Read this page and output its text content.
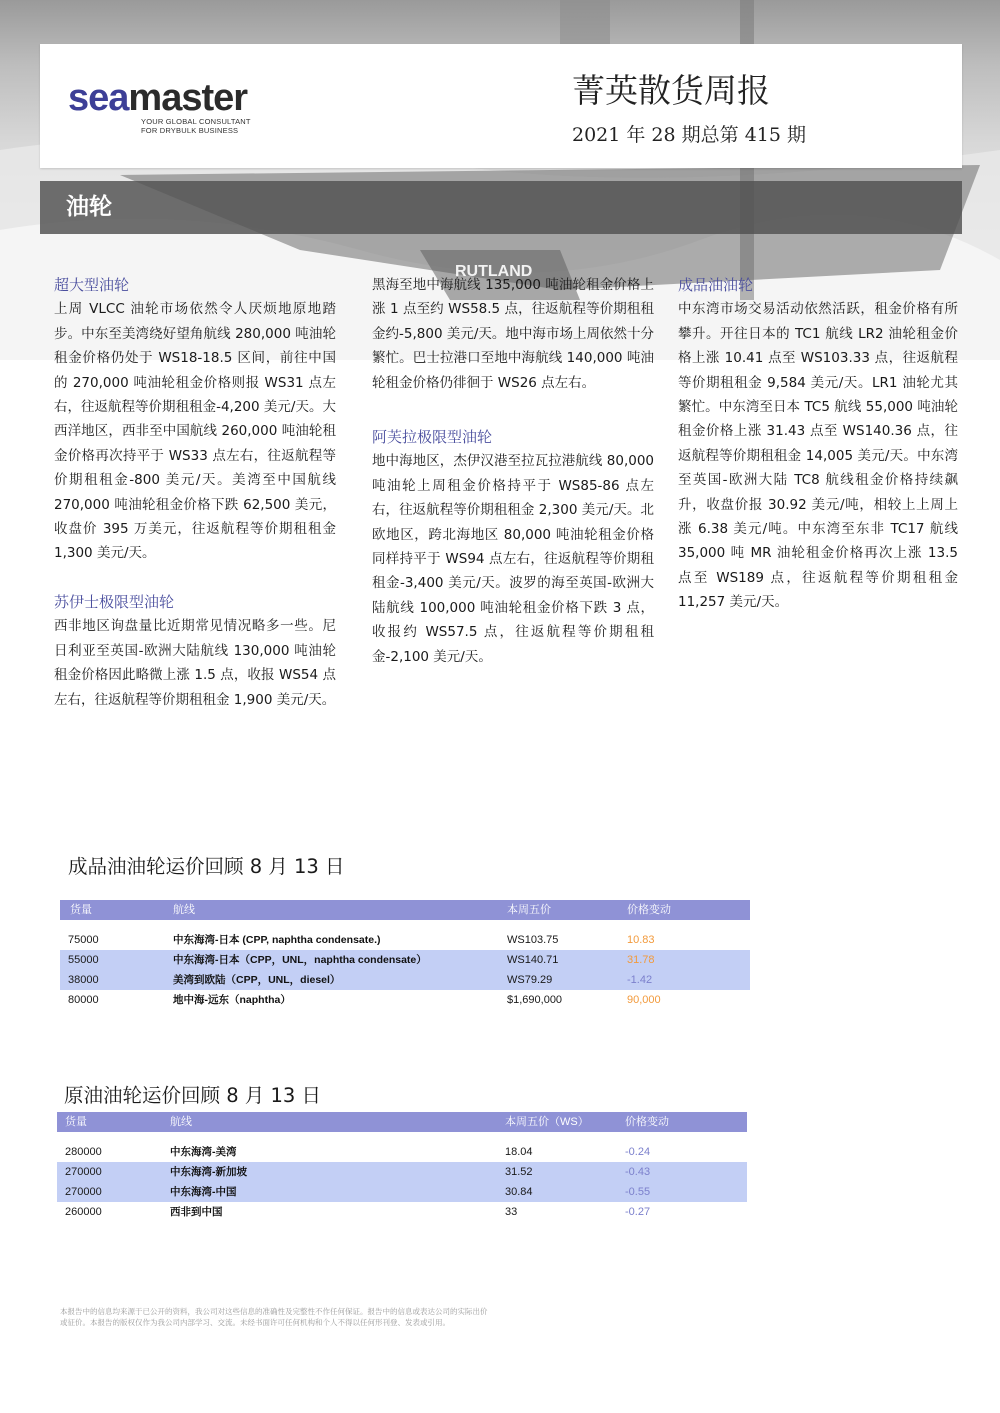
RUTLAND
seamaster
YOUR GLOBAL CONSULTANT
FOR DRYBULK BUSINESS
菁英散货周报
2021 年 28 期总第 415 期
油轮
超大型油轮

上周 VLCC 油轮市场依然令人厌烦地原地踏步。中东至美湾绕好望角航线 280,000 吨油轮租金价格仍处于 WS18-18.5 区间，前往中国的 270,000 吨油轮租金价格则报 WS31 点左右，往返航程等价期租租金-4,200 美元/天。大西洋地区，西非至中国航线 260,000 吨油轮租金价格再次持平于 WS33 点左右，往返航程等价期租租金-800 美元/天。美湾至中国航线 270,000 吨油轮租金价格下跌 62,500 美元，收盘价 395 万美元，往返航程等价期租租金 1,300 美元/天。

苏伊士极限型油轮

西非地区询盘量比近期常见情况略多一些。尼日利亚至英国-欧洲大陆航线 130,000 吨油轮租金价格因此略微上涨 1.5 点，收报 WS54 点左右，往返航程等价期租租金 1,900 美元/天。

黑海至地中海航线 135,000 吨油轮租金价格上涨 1 点至约 WS58.5 点，往返航程等价期租租金约-5,800 美元/天。地中海市场上周依然十分繁忙。巴士拉港口至地中海航线 140,000 吨油轮租金价格仍徘徊于 WS26 点左右。

阿芙拉极限型油轮

地中海地区，杰伊汉港至拉瓦拉港航线 80,000 吨油轮上周租金价格持平于 WS85-86 点左右，往返航程等价期租租金 2,300 美元/天。北欧地区，跨北海地区 80,000 吨油轮租金价格同样持平于 WS94 点左右，往返航程等价期租租金-3,400 美元/天。波罗的海至英国-欧洲大陆航线 100,000 吨油轮租金价格下跌 3 点，收报约 WS57.5 点，往返航程等价期租租金-2,100 美元/天。

成品油油轮

中东湾市场交易活动依然活跃，租金价格有所攀升。开往日本的 TC1 航线 LR2 油轮租金价格上涨 10.41 点至 WS103.33 点，往返航程等价期租租金 9,584 美元/天。LR1 油轮尤其繁忙。中东湾至日本 TC5 航线 55,000 吨油轮租金价格上涨 31.43 点至 WS140.36 点，往返航程等价期租租金 14,005 美元/天。中东湾至英国-欧洲大陆 TC8 航线租金价格持续飙升，收盘价报 30.92 美元/吨，相较上上周上涨 6.38 美元/吨。中东湾至东非 TC17 航线 35,000 吨 MR 油轮租金价格再次上涨 13.5 点至 WS189 点，往返航程等价期租租金 11,257 美元/天。

成品油油轮运价回顾 8 月 13 日
货量	航线	本周五价	价格变动
75000	中东海湾-日本 (CPP, naphtha condensate.)	WS103.75	10.83
55000	中东海湾-日本（CPP，UNL，naphtha condensate）	WS140.71	31.78
38000	美湾到欧陆（CPP，UNL，diesel）	WS79.29	-1.42
80000	地中海-远东（naphtha）	$1,690,000	90,000
原油油轮运价回顾 8 月 13 日
货量	航线	本周五价（WS）	价格变动
280000	中东海湾-美湾	18.04	-0.24
270000	中东海湾-新加坡	31.52	-0.43
270000	中东海湾-中国	30.84	-0.55
260000	西非到中国	33	-0.27
本报告中的信息均来源于已公开的资料，我公司对这些信息的准确性及完整性不作任何保证。报告中的信息或表达公司的实际出价或征价。本报告的版权仅作为我公司内部学习、交流。未经书面许可任何机构和个人不得以任何形刊登、发表或引用。
